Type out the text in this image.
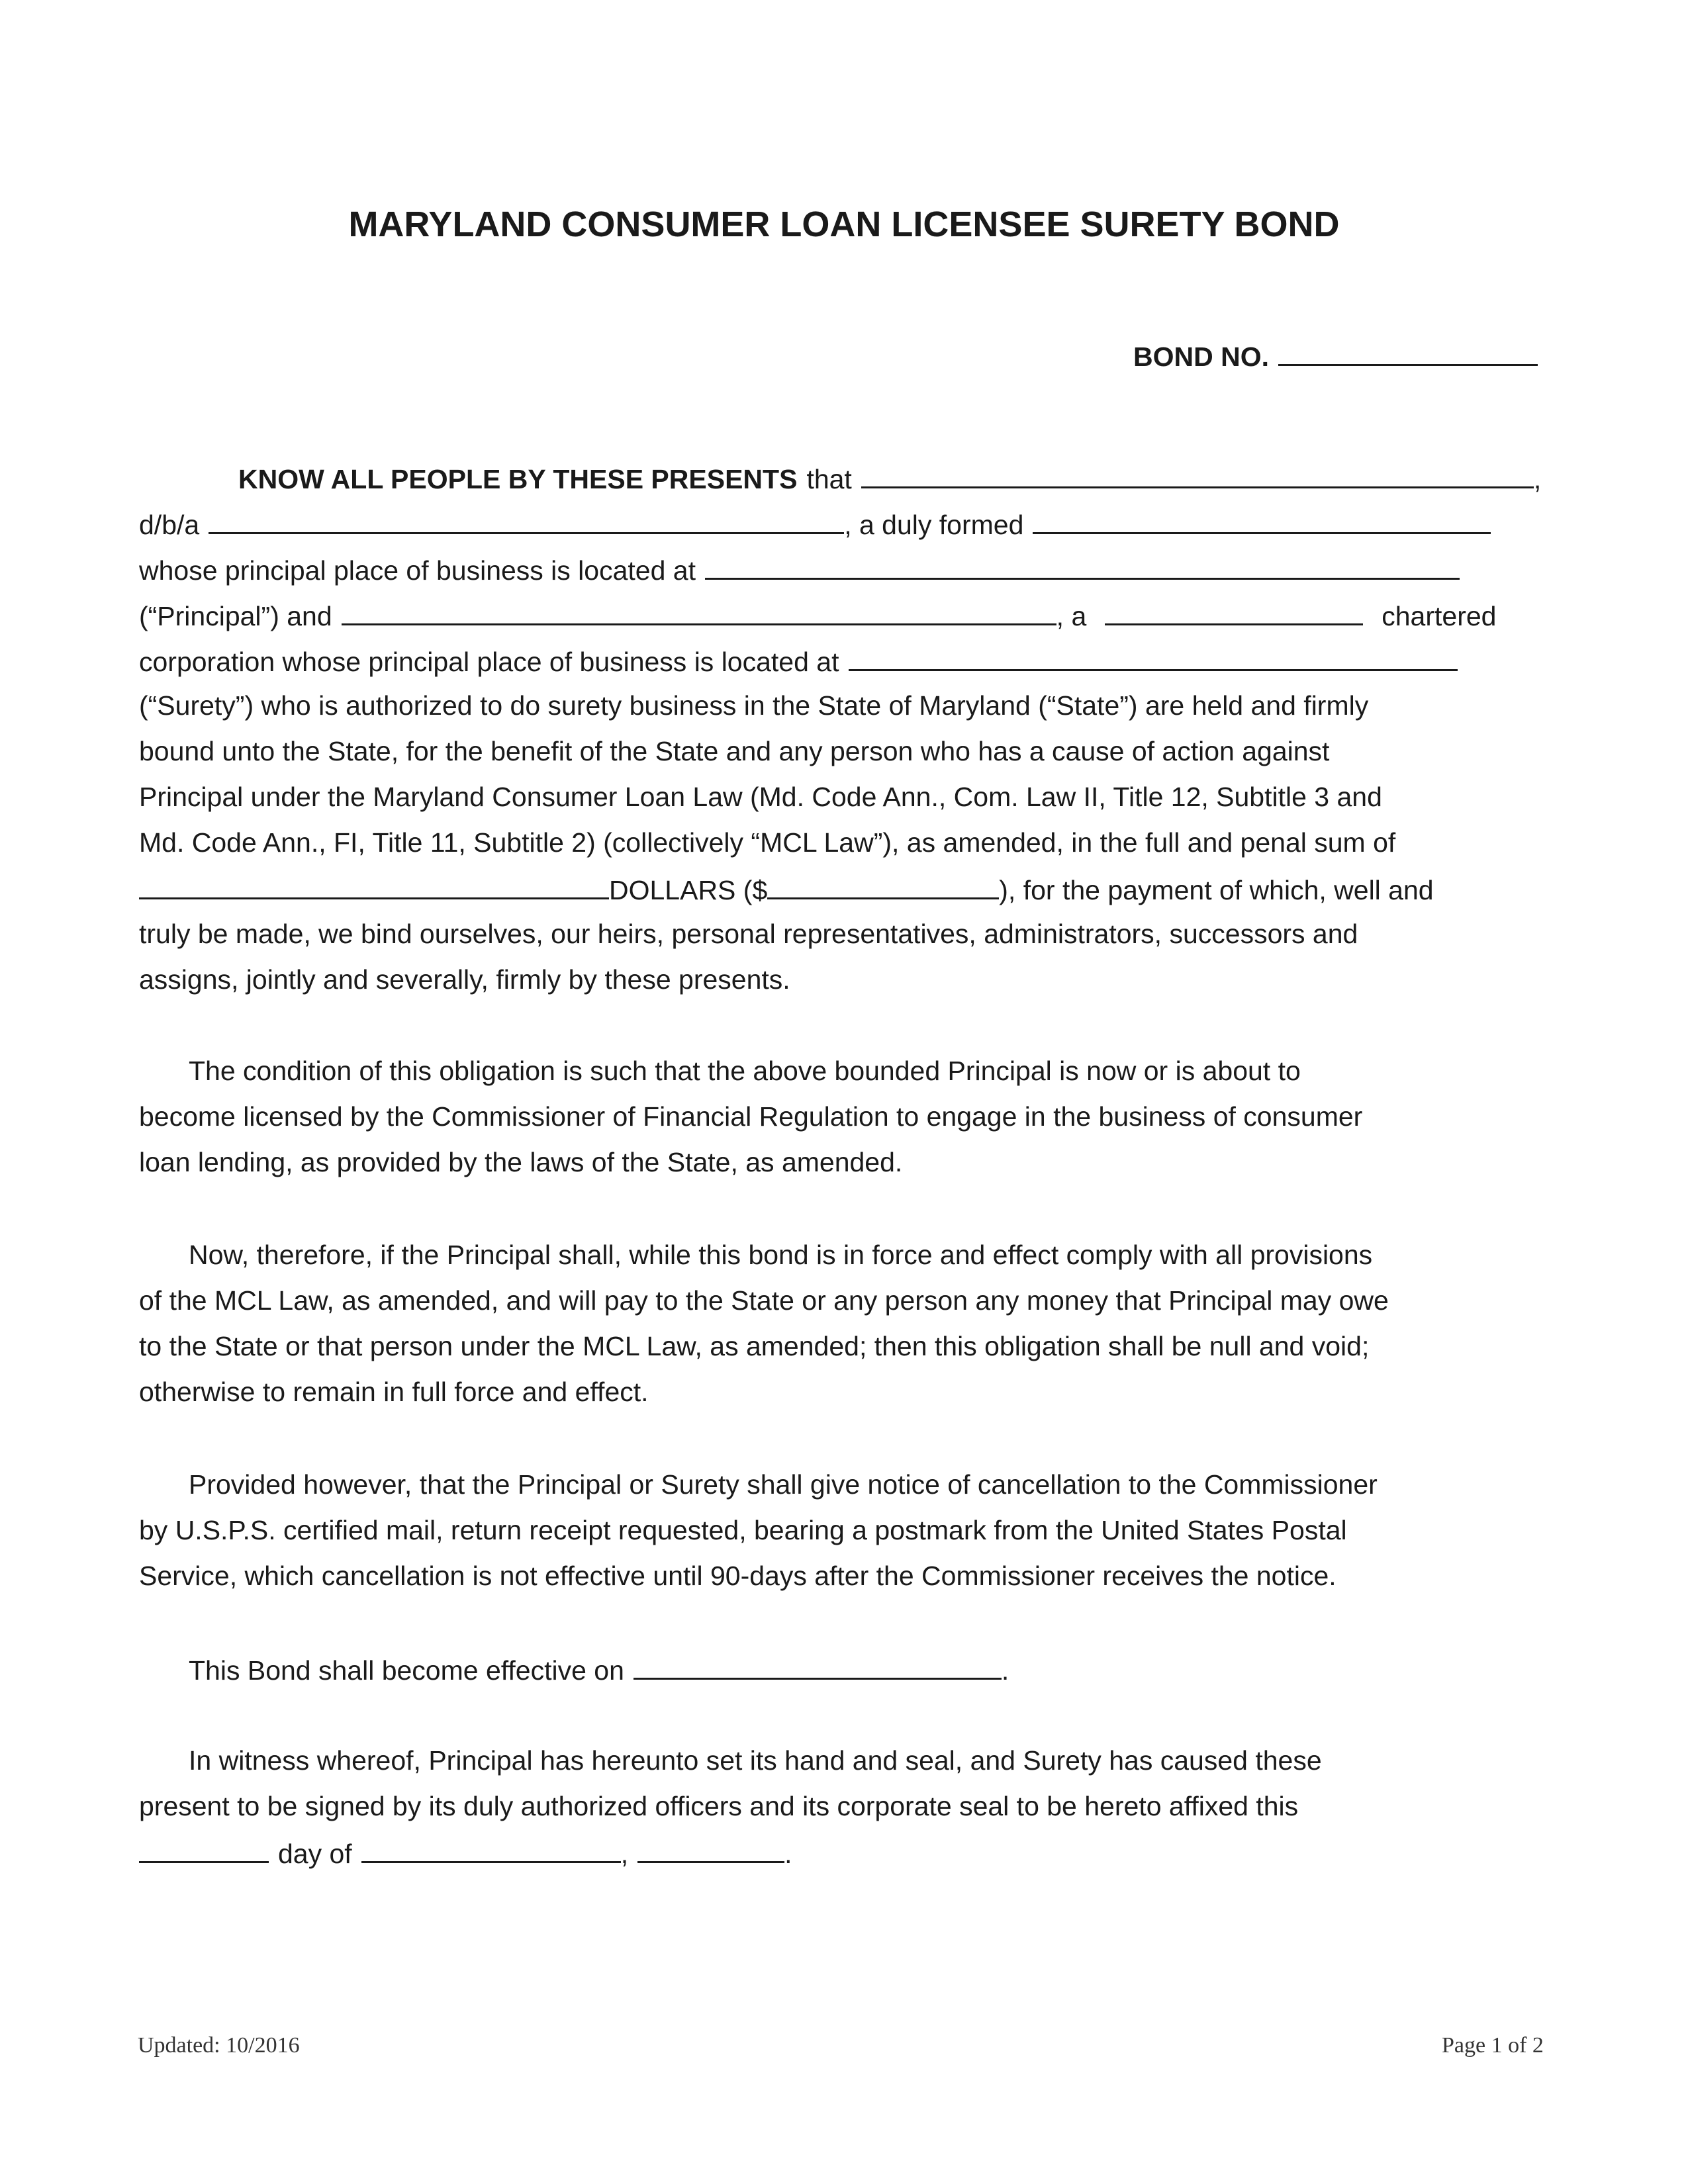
MARYLAND CONSUMER LOAN LICENSEE SURETY BOND
BOND NO.
KNOW ALL PEOPLE BY THESE PRESENTS that	,
d/b/a	, a duly formed
whose principal place of business is located at
(“Principal”) and	, a	chartered
corporation whose principal place of business is located at
(“Surety”) who is authorized to do surety business in the State of Maryland (“State”) are held and firmly
bound unto the State, for the benefit of the State and any person who has a cause of action against
Principal under the Maryland Consumer Loan Law (Md. Code Ann., Com. Law II, Title 12, Subtitle 3 and
Md. Code Ann., FI, Title 11, Subtitle 2) (collectively “MCL Law”), as amended, in the full and penal sum of
DOLLARS ($	), for the payment of which, well and
truly be made, we bind ourselves, our heirs, personal representatives, administrators, successors and
assigns, jointly and severally, firmly by these presents.
The condition of this obligation is such that the above bounded Principal is now or is about to
become licensed by the Commissioner of Financial Regulation to engage in the business of consumer
loan lending, as provided by the laws of the State, as amended.
Now, therefore, if the Principal shall, while this bond is in force and effect comply with all provisions
of the MCL Law, as amended, and will pay to the State or any person any money that Principal may owe
to the State or that person under the MCL Law, as amended; then this obligation shall be null and void;
otherwise to remain in full force and effect.
Provided however, that the Principal or Surety shall give notice of cancellation to the Commissioner
by U.S.P.S. certified mail, return receipt requested, bearing a postmark from the United States Postal
Service, which cancellation is not effective until 90-days after the Commissioner receives the notice.
This Bond shall become effective on	.
In witness whereof, Principal has hereunto set its hand and seal, and Surety has caused these
present to be signed by its duly authorized officers and its corporate seal to be hereto affixed this
day of	,	.
Updated: 10/2016	Page 1 of 2
